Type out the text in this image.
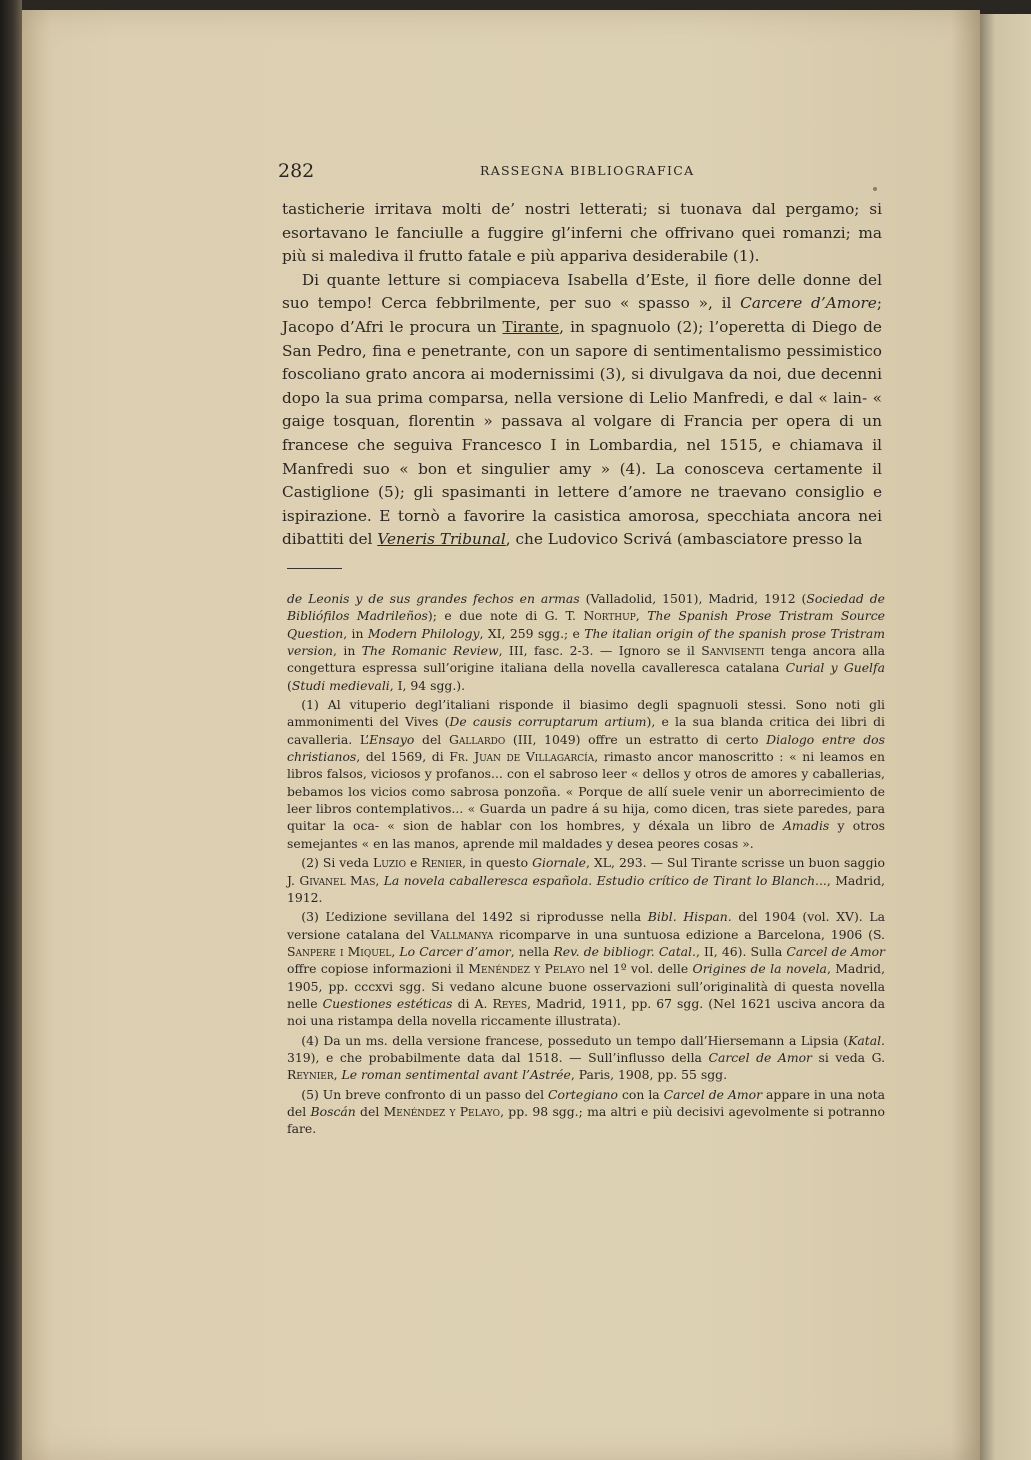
282	RASSEGNA BIBLIOGRAFICA

tasticherie irritava molti de’ nostri letterati; si tuonava dal pergamo; si esortavano le fanciulle a fuggire gl’inferni che offrivano quei romanzi; ma più si malediva il frutto fatale e più appariva desiderabile (1).

Di quante letture si compiaceva Isabella d’Este, il fiore delle donne del suo tempo! Cerca febbrilmente, per suo « spasso », il Carcere d’Amore; Jacopo d’Afri le procura un Tirante, in spagnuolo (2); l’operetta di Diego de San Pedro, fina e penetrante, con un sapore di sentimentalismo pessimistico foscoliano grato ancora ai modernissimi (3), si divulgava da noi, due decenni dopo la sua prima comparsa, nella versione di Lelio Manfredi, e dal « lain- « gaige tosquan, florentin » passava al volgare di Francia per opera di un francese che seguiva Francesco I in Lombardia, nel 1515, e chiamava il Manfredi suo « bon et singulier amy » (4). La conosceva certamente il Castiglione (5); gli spasimanti in lettere d’amore ne traevano consiglio e ispirazione. E tornò a favorire la casistica amorosa, specchiata ancora nei dibattiti del Veneris Tribunal, che Ludovico Scrivá (ambasciatore presso la

de Leonis y de sus grandes fechos en armas (Valladolid, 1501), Madrid, 1912 (Sociedad de Bibliófilos Madrileños); e due note di G. T. Northup, The Spanish Prose Tristram Source Question, in Modern Philology, XI, 259 sgg.; e The italian origin of the spanish prose Tristram version, in The Romanic Review, III, fasc. 2-3. — Ignoro se il Sanvisenti tenga ancora alla congettura espressa sull’origine italiana della novella cavalleresca catalana Curial y Guelfa (Studi medievali, I, 94 sgg.).

(1) Al vituperio degl’italiani risponde il biasimo degli spagnuoli stessi. Sono noti gli ammonimenti del Vives (De causis corruptarum artium), e la sua blanda critica dei libri di cavalleria. L’Ensayo del Gallardo (III, 1049) offre un estratto di certo Dialogo entre dos christianos, del 1569, di Fr. Juan de Villagarcía, rimasto ancor manoscritto : « ni leamos en libros falsos, viciosos y profanos... con el sabroso leer « dellos y otros de amores y caballerias, bebamos los vicios como sabrosa ponzoña. « Porque de allí suele venir un aborrecimiento de leer libros contemplativos... « Guarda un padre á su hija, como dicen, tras siete paredes, para quitar la oca- « sion de hablar con los hombres, y déxala un libro de Amadis y otros semejantes « en las manos, aprende mil maldades y desea peores cosas ».

(2) Si veda Luzio e Renier, in questo Giornale, XL, 293. — Sul Tirante scrisse un buon saggio J. Givanel Mas, La novela caballeresca española. Estudio crítico de Tirant lo Blanch..., Madrid, 1912.

(3) L’edizione sevillana del 1492 si riprodusse nella Bibl. Hispan. del 1904 (vol. XV). La versione catalana del Vallmanya ricomparve in una suntuosa edizione a Barcelona, 1906 (S. Sanpere i Miquel, Lo Carcer d’amor, nella Rev. de bibliogr. Catal., II, 46). Sulla Carcel de Amor offre copiose informazioni il Menéndez y Pelayo nel 1º vol. delle Origines de la novela, Madrid, 1905, pp. cccxvi sgg. Si vedano alcune buone osservazioni sull’originalità di questa novella nelle Cuestiones estéticas di A. Reyes, Madrid, 1911, pp. 67 sgg. (Nel 1621 usciva ancora da noi una ristampa della novella riccamente illustrata).

(4) Da un ms. della versione francese, posseduto un tempo dall’Hiersemann a Lipsia (Katal. 319), e che probabilmente data dal 1518. — Sull’influsso della Carcel de Amor si veda G. Reynier, Le roman sentimental avant l’Astrée, Paris, 1908, pp. 55 sgg.

(5) Un breve confronto di un passo del Cortegiano con la Carcel de Amor appare in una nota del Boscán del Menéndez y Pelayo, pp. 98 sgg.; ma altri e più decisivi agevolmente si potranno fare.
